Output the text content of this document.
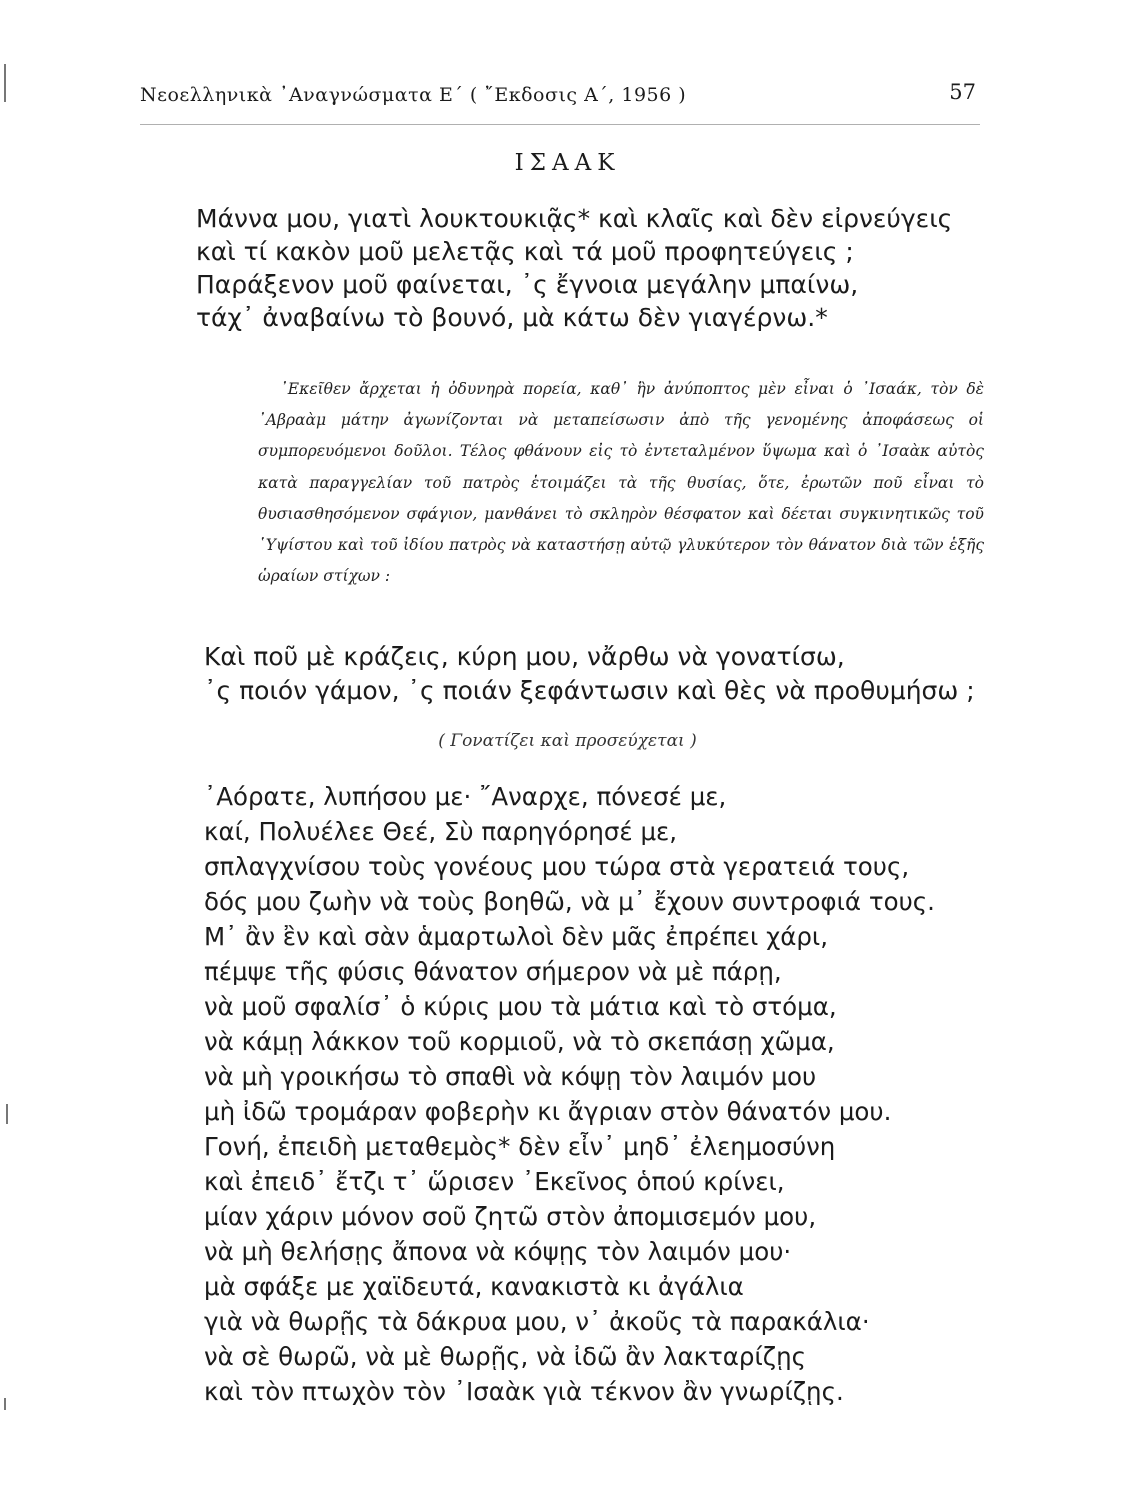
Νεοελληνικὰ ᾽Αναγνώσματα Ε΄ ( ῎Εκδοσις Α΄, 1956 )	57
ΙΣΑΑΚ
Μάννα μου, γιατὶ λουκτουκιᾷς* καὶ κλαῖς καὶ δὲν εἰρνεύγεις
καὶ τί κακὸν μοῦ μελετᾷς καὶ τά μοῦ προφητεύγεις ;
Παράξενον μοῦ φαίνεται, ᾽ς ἔγνοια μεγάλην μπαίνω,
τάχ᾽ ἀναβαίνω τὸ βουνό, μὰ κάτω δὲν γιαγέρνω.*
᾽Εκεῖθεν ἄρχεται ἡ ὀδυνηρὰ πορεία, καθ᾽ ἣν ἀνύποπτος μὲν εἶναι ὁ ᾽Ισαάκ, τὸν δὲ ᾽Αβραὰμ μάτην ἀγωνίζονται νὰ μεταπείσωσιν ἀπὸ τῆς γενομένης ἀποφάσεως οἱ συμπορευόμενοι δοῦλοι. Τέλος φθάνουν εἰς τὸ ἐντεταλμένον ὕψωμα καὶ ὁ ᾽Ισαὰκ αὐτὸς κατὰ παραγγελίαν τοῦ πατρὸς ἑτοιμάζει τὰ τῆς θυσίας, ὅτε, ἐρωτῶν ποῦ εἶναι τὸ θυσιασθησόμενον σφάγιον, μανθάνει τὸ σκληρὸν θέσφατον καὶ δέεται συγκινητικῶς τοῦ ῾Υψίστου καὶ τοῦ ἰδίου πατρὸς νὰ καταστήσῃ αὐτῷ γλυκύτερον τὸν θάνατον διὰ τῶν ἑξῆς ὡραίων στίχων :
Καὶ ποῦ μὲ κράζεις, κύρη μου, νἄρθω νὰ γονατίσω,
᾽ς ποιόν γάμον, ᾽ς ποιάν ξεφάντωσιν καὶ θὲς νὰ προθυμήσω ;
( Γονατίζει καὶ προσεύχεται )
᾽Αόρατε, λυπήσου με· ῎Αναρχε, πόνεσέ με,
καί, Πολυέλεε Θεέ, Σὺ παρηγόρησέ με,
σπλαγχνίσου τοὺς γονέους μου τώρα στὰ γερατειά τους,
δός μου ζωὴν νὰ τοὺς βοηθῶ, νὰ μ᾽ ἔχουν συντροφιά τους.
Μ᾽ ἂν ἒν καὶ σὰν ἁμαρτωλοὶ δὲν μᾶς ἐπρέπει χάρι,
πέμψε τῆς φύσις θάνατον σήμερον νὰ μὲ πάρῃ,
νὰ μοῦ σφαλίσ᾽ ὁ κύρις μου τὰ μάτια καὶ τὸ στόμα,
νὰ κάμῃ λάκκον τοῦ κορμιοῦ, νὰ τὸ σκεπάσῃ χῶμα,
νὰ μὴ γροικήσω τὸ σπαθὶ νὰ κόψῃ τὸν λαιμόν μου
μὴ ἰδῶ τρομάραν φοβερὴν κι ἄγριαν στὸν θάνατόν μου.
Γονή, ἐπειδὴ μεταθεμὸς* δὲν εἶν᾽ μηδ᾽ ἐλεημοσύνη
καὶ ἐπειδ᾽ ἔτζι τ᾽ ὥρισεν ᾽Εκεῖνος ὁπού κρίνει,
μίαν χάριν μόνον σοῦ ζητῶ στὸν ἀπομισεμόν μου,
νὰ μὴ θελήσῃς ἄπονα νὰ κόψῃς τὸν λαιμόν μου·
μὰ σφάξε με χαϊδευτά, κανακιστὰ κι ἀγάλια
γιὰ νὰ θωρῇς τὰ δάκρυα μου, ν᾽ ἀκοῦς τὰ παρακάλια·
νὰ σὲ θωρῶ, νὰ μὲ θωρῇς, νὰ ἰδῶ ἂν λακταρίζῃς
καὶ τὸν πτωχὸν τὸν ᾽Ισαὰκ γιὰ τέκνον ἂν γνωρίζῃς.
